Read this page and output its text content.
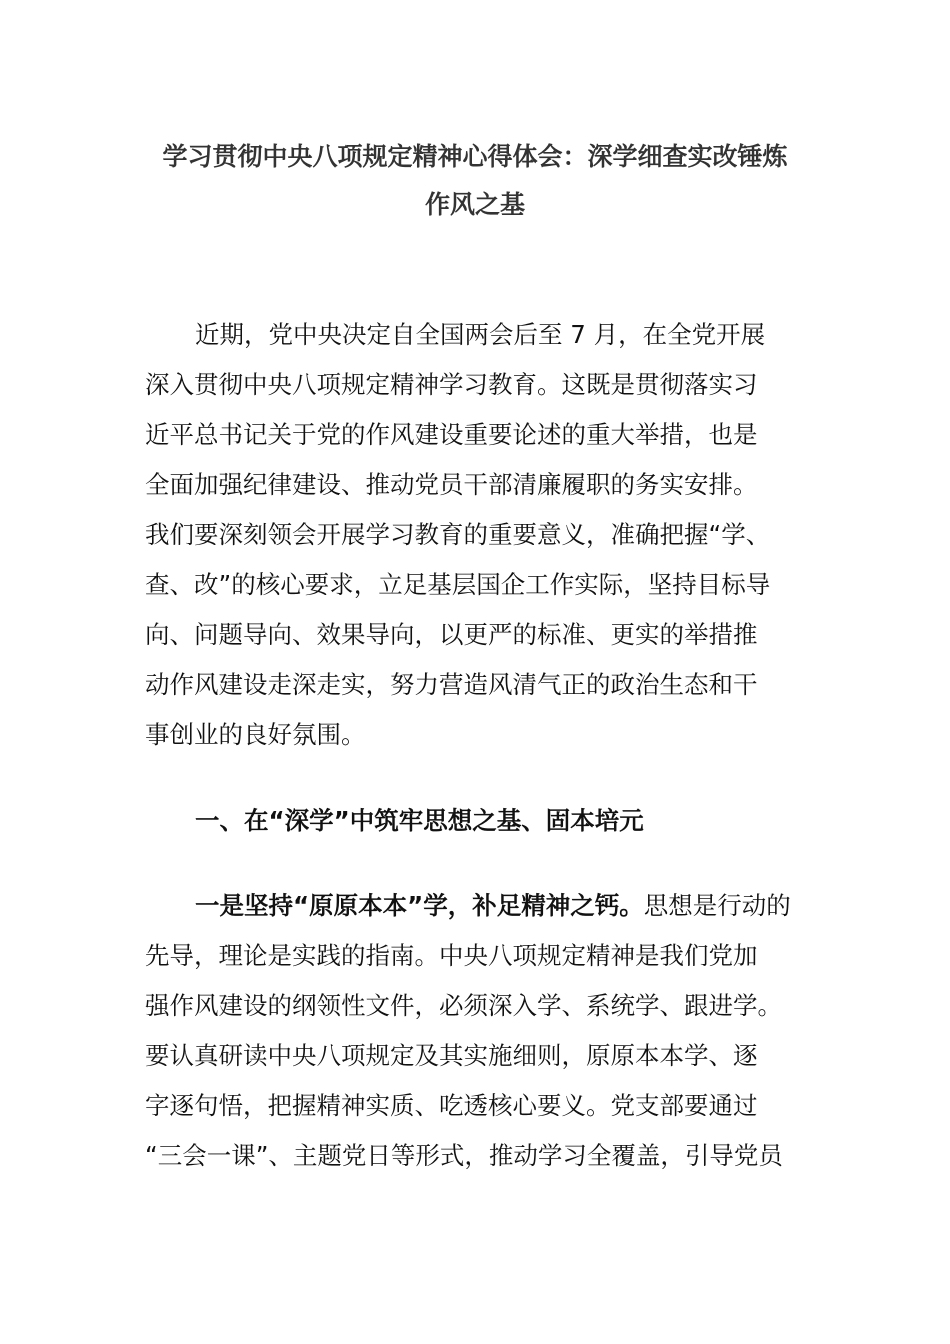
学习贯彻中央八项规定精神心得体会：深学细查实改锤炼
作风之基
近期，党中央决定自全国两会后至 7 月，在全党开展
深入贯彻中央八项规定精神学习教育。这既是贯彻落实习
近平总书记关于党的作风建设重要论述的重大举措，也是
全面加强纪律建设、推动党员干部清廉履职的务实安排。
我们要深刻领会开展学习教育的重要意义，准确把握“学、
查、改”的核心要求，立足基层国企工作实际，坚持目标导
向、问题导向、效果导向，以更严的标准、更实的举措推
动作风建设走深走实，努力营造风清气正的政治生态和干
事创业的良好氛围。
一、在“深学”中筑牢思想之基、固本培元
一是坚持“原原本本”学，补足精神之钙。思想是行动的
先导，理论是实践的指南。中央八项规定精神是我们党加
强作风建设的纲领性文件，必须深入学、系统学、跟进学。
要认真研读中央八项规定及其实施细则，原原本本学、逐
字逐句悟，把握精神实质、吃透核心要义。党支部要通过
“三会一课”、主题党日等形式，推动学习全覆盖，引导党员
